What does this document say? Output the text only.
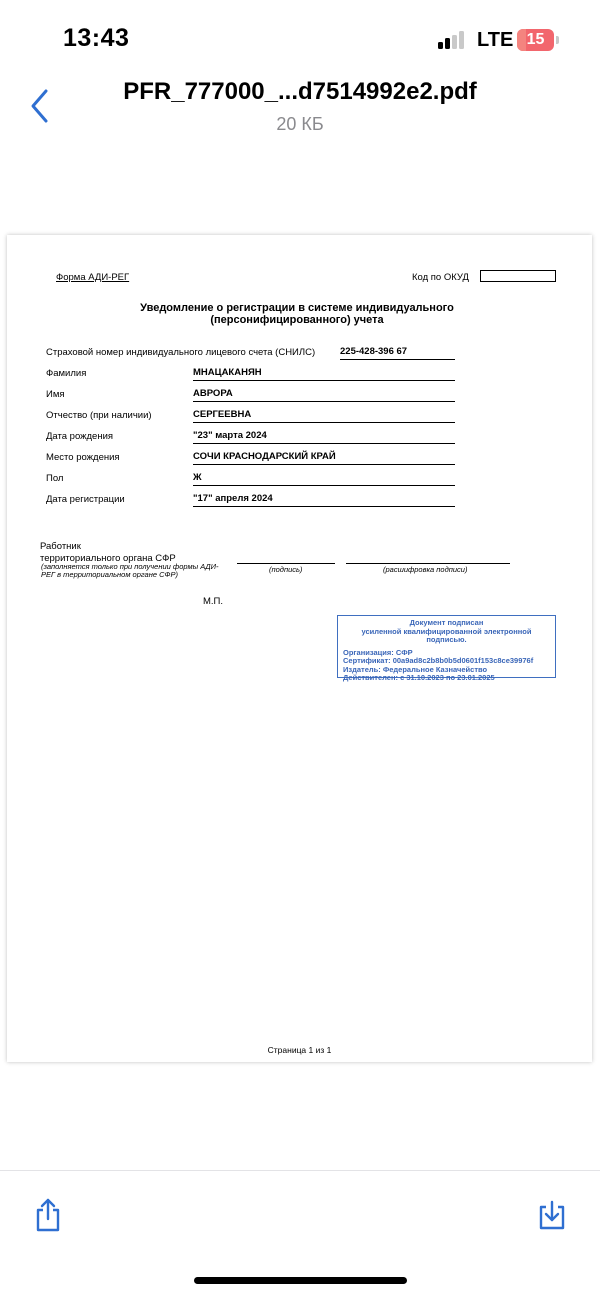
13:43	LTE 15
PFR_777000_...d7514992e2.pdf
20 КБ
Форма АДИ-РЕГ	Код по ОКУД
Уведомление о регистрации в системе индивидуального
(персонифицированного) учета
Страховой номер индивидуального лицевого счета (СНИЛС)	225-428-396 67
Фамилия	МНАЦАКАНЯН
Имя	АВРОРА
Отчество (при наличии)	СЕРГЕЕВНА
Дата рождения	"23" марта 2024
Место рождения	СОЧИ КРАСНОДАРСКИЙ КРАЙ
Пол	Ж
Дата регистрации	"17" апреля 2024
Работник
территориального органа СФР
(заполняется только при получении формы АДИ-
РЕГ в территориальном органе СФР)
(подпись)	(расшифровка подписи)
М.П.
Документ подписан
усиленной квалифицированной электронной
подписью.
Организация: СФР
Сертификат: 00a9ad8c2b8b0b5d0601f153c8ce39976f
Издатель: Федеральное Казначейство
Действителен: с 31.10.2023 по 23.01.2025
Страница 1 из 1
